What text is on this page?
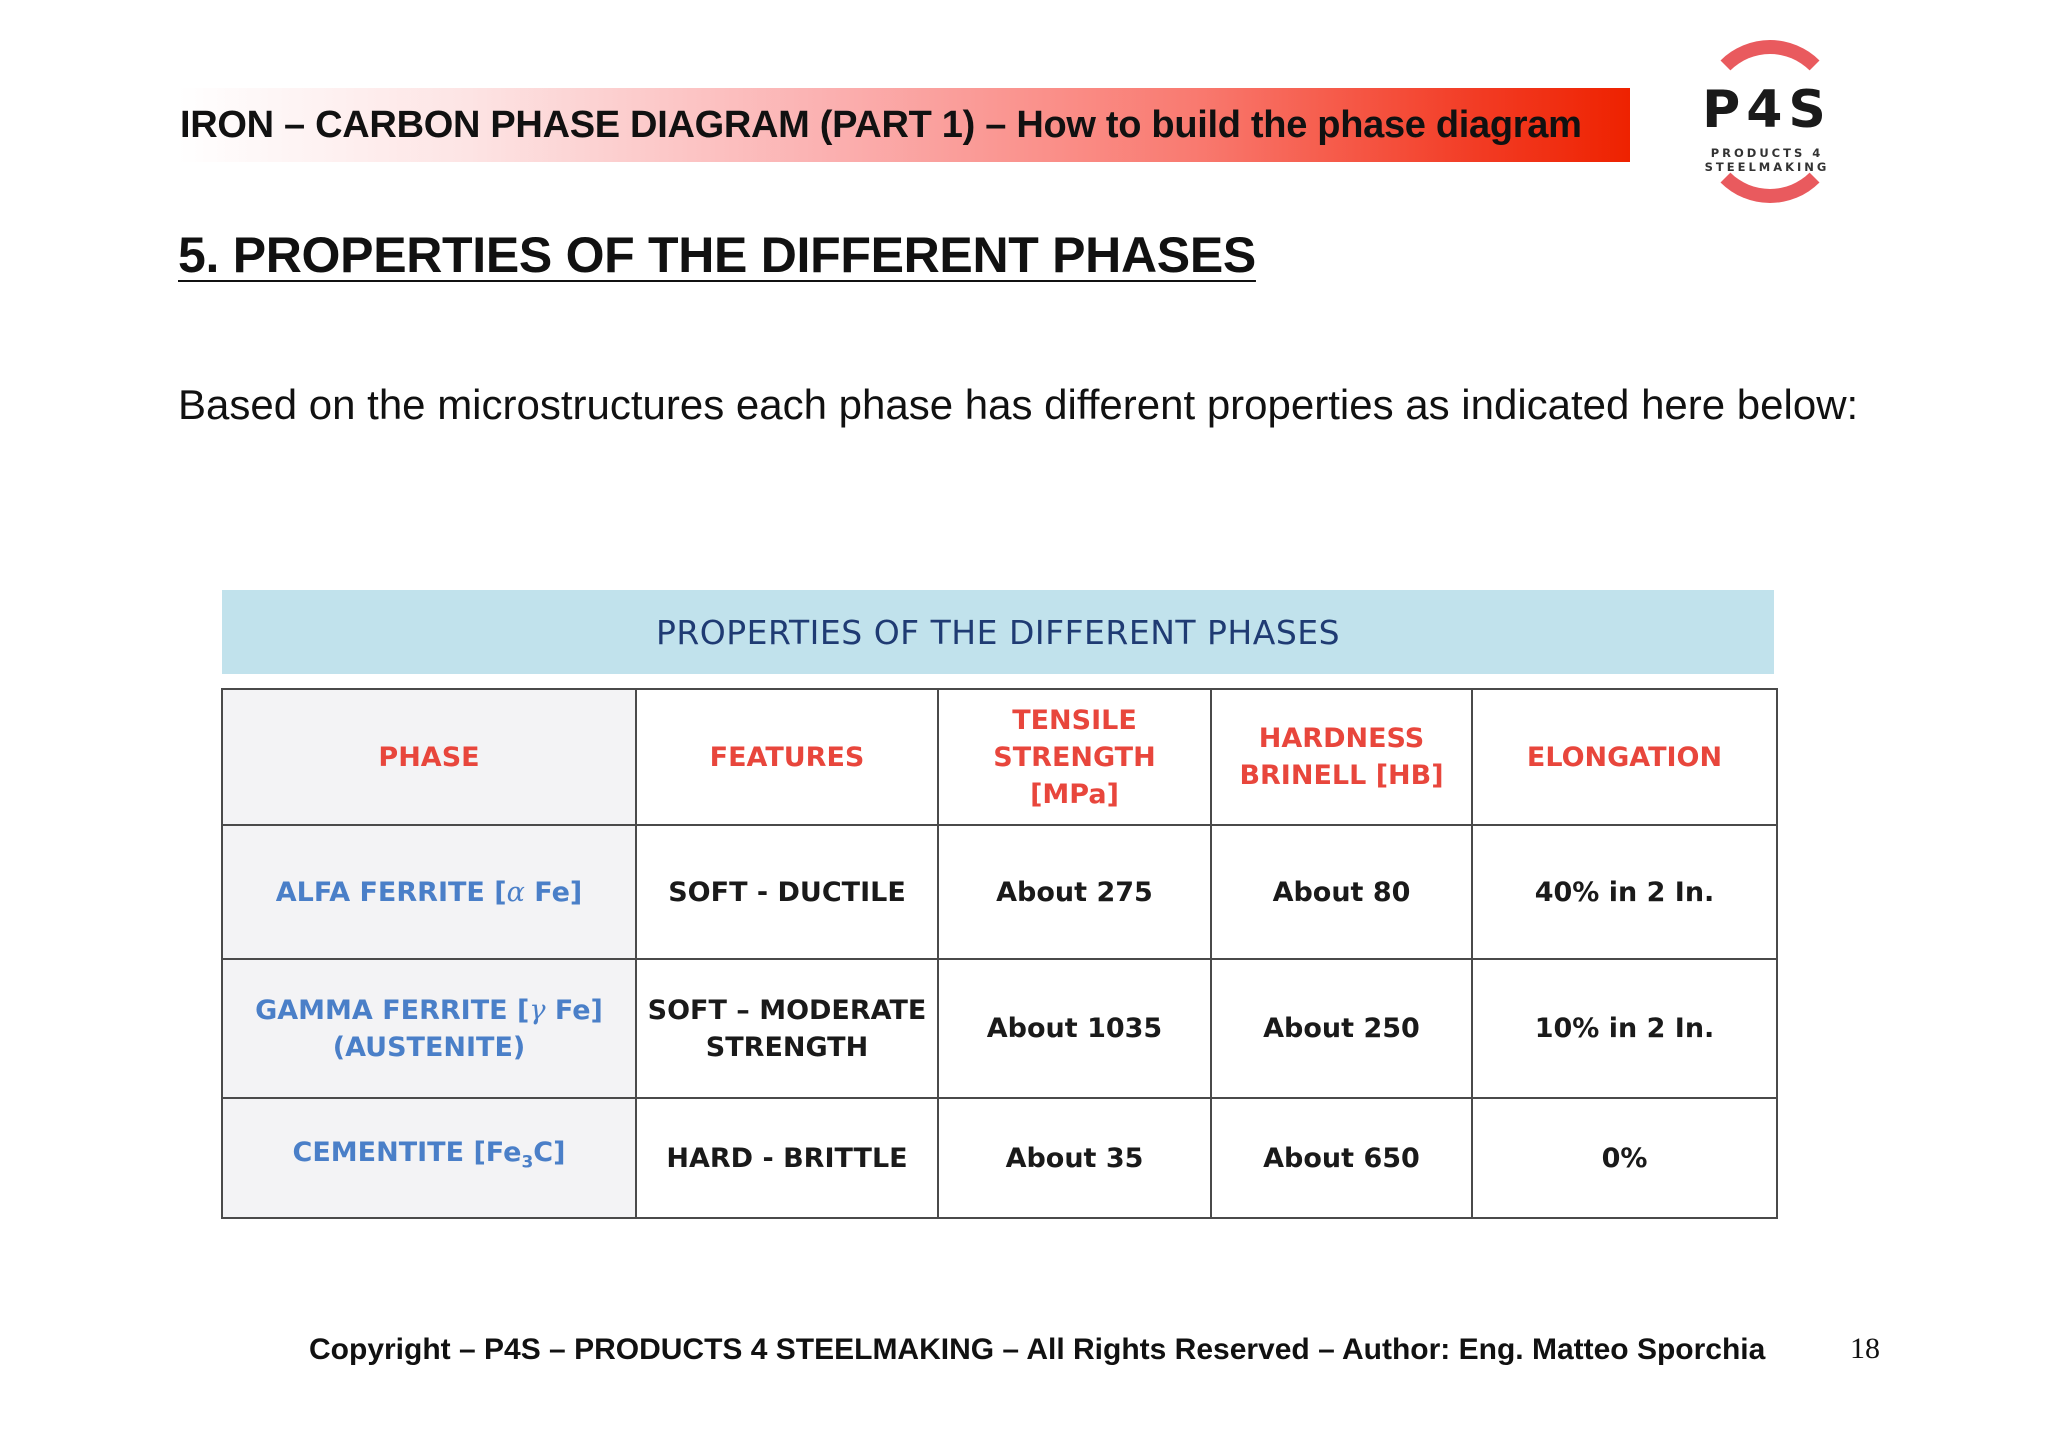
IRON – CARBON PHASE DIAGRAM (PART 1) – How to build the phase diagram	P4S
PRODUCTS 4 STEELMAKING
5. PROPERTIES OF THE DIFFERENT PHASES

Based on the microstructures each phase has different properties as indicated here below:

PROPERTIES OF THE DIFFERENT PHASES
PHASE	FEATURES	TENSILE STRENGTH [MPa]	HARDNESS BRINELL [HB]	ELONGATION
ALFA FERRITE [α Fe]	SOFT - DUCTILE	About 275	About 80	40% in 2 In.
GAMMA FERRITE [γ Fe]
(AUSTENITE)	SOFT – MODERATE STRENGTH	About 1035	About 250	10% in 2 In.
CEMENTITE $[Fe_3C]$	HARD - BRITTLE	About 35	About 650	0%
Copyright – P4S – PRODUCTS 4 STEELMAKING – All Rights Reserved – Author: Eng. Matteo Sporchia	18
